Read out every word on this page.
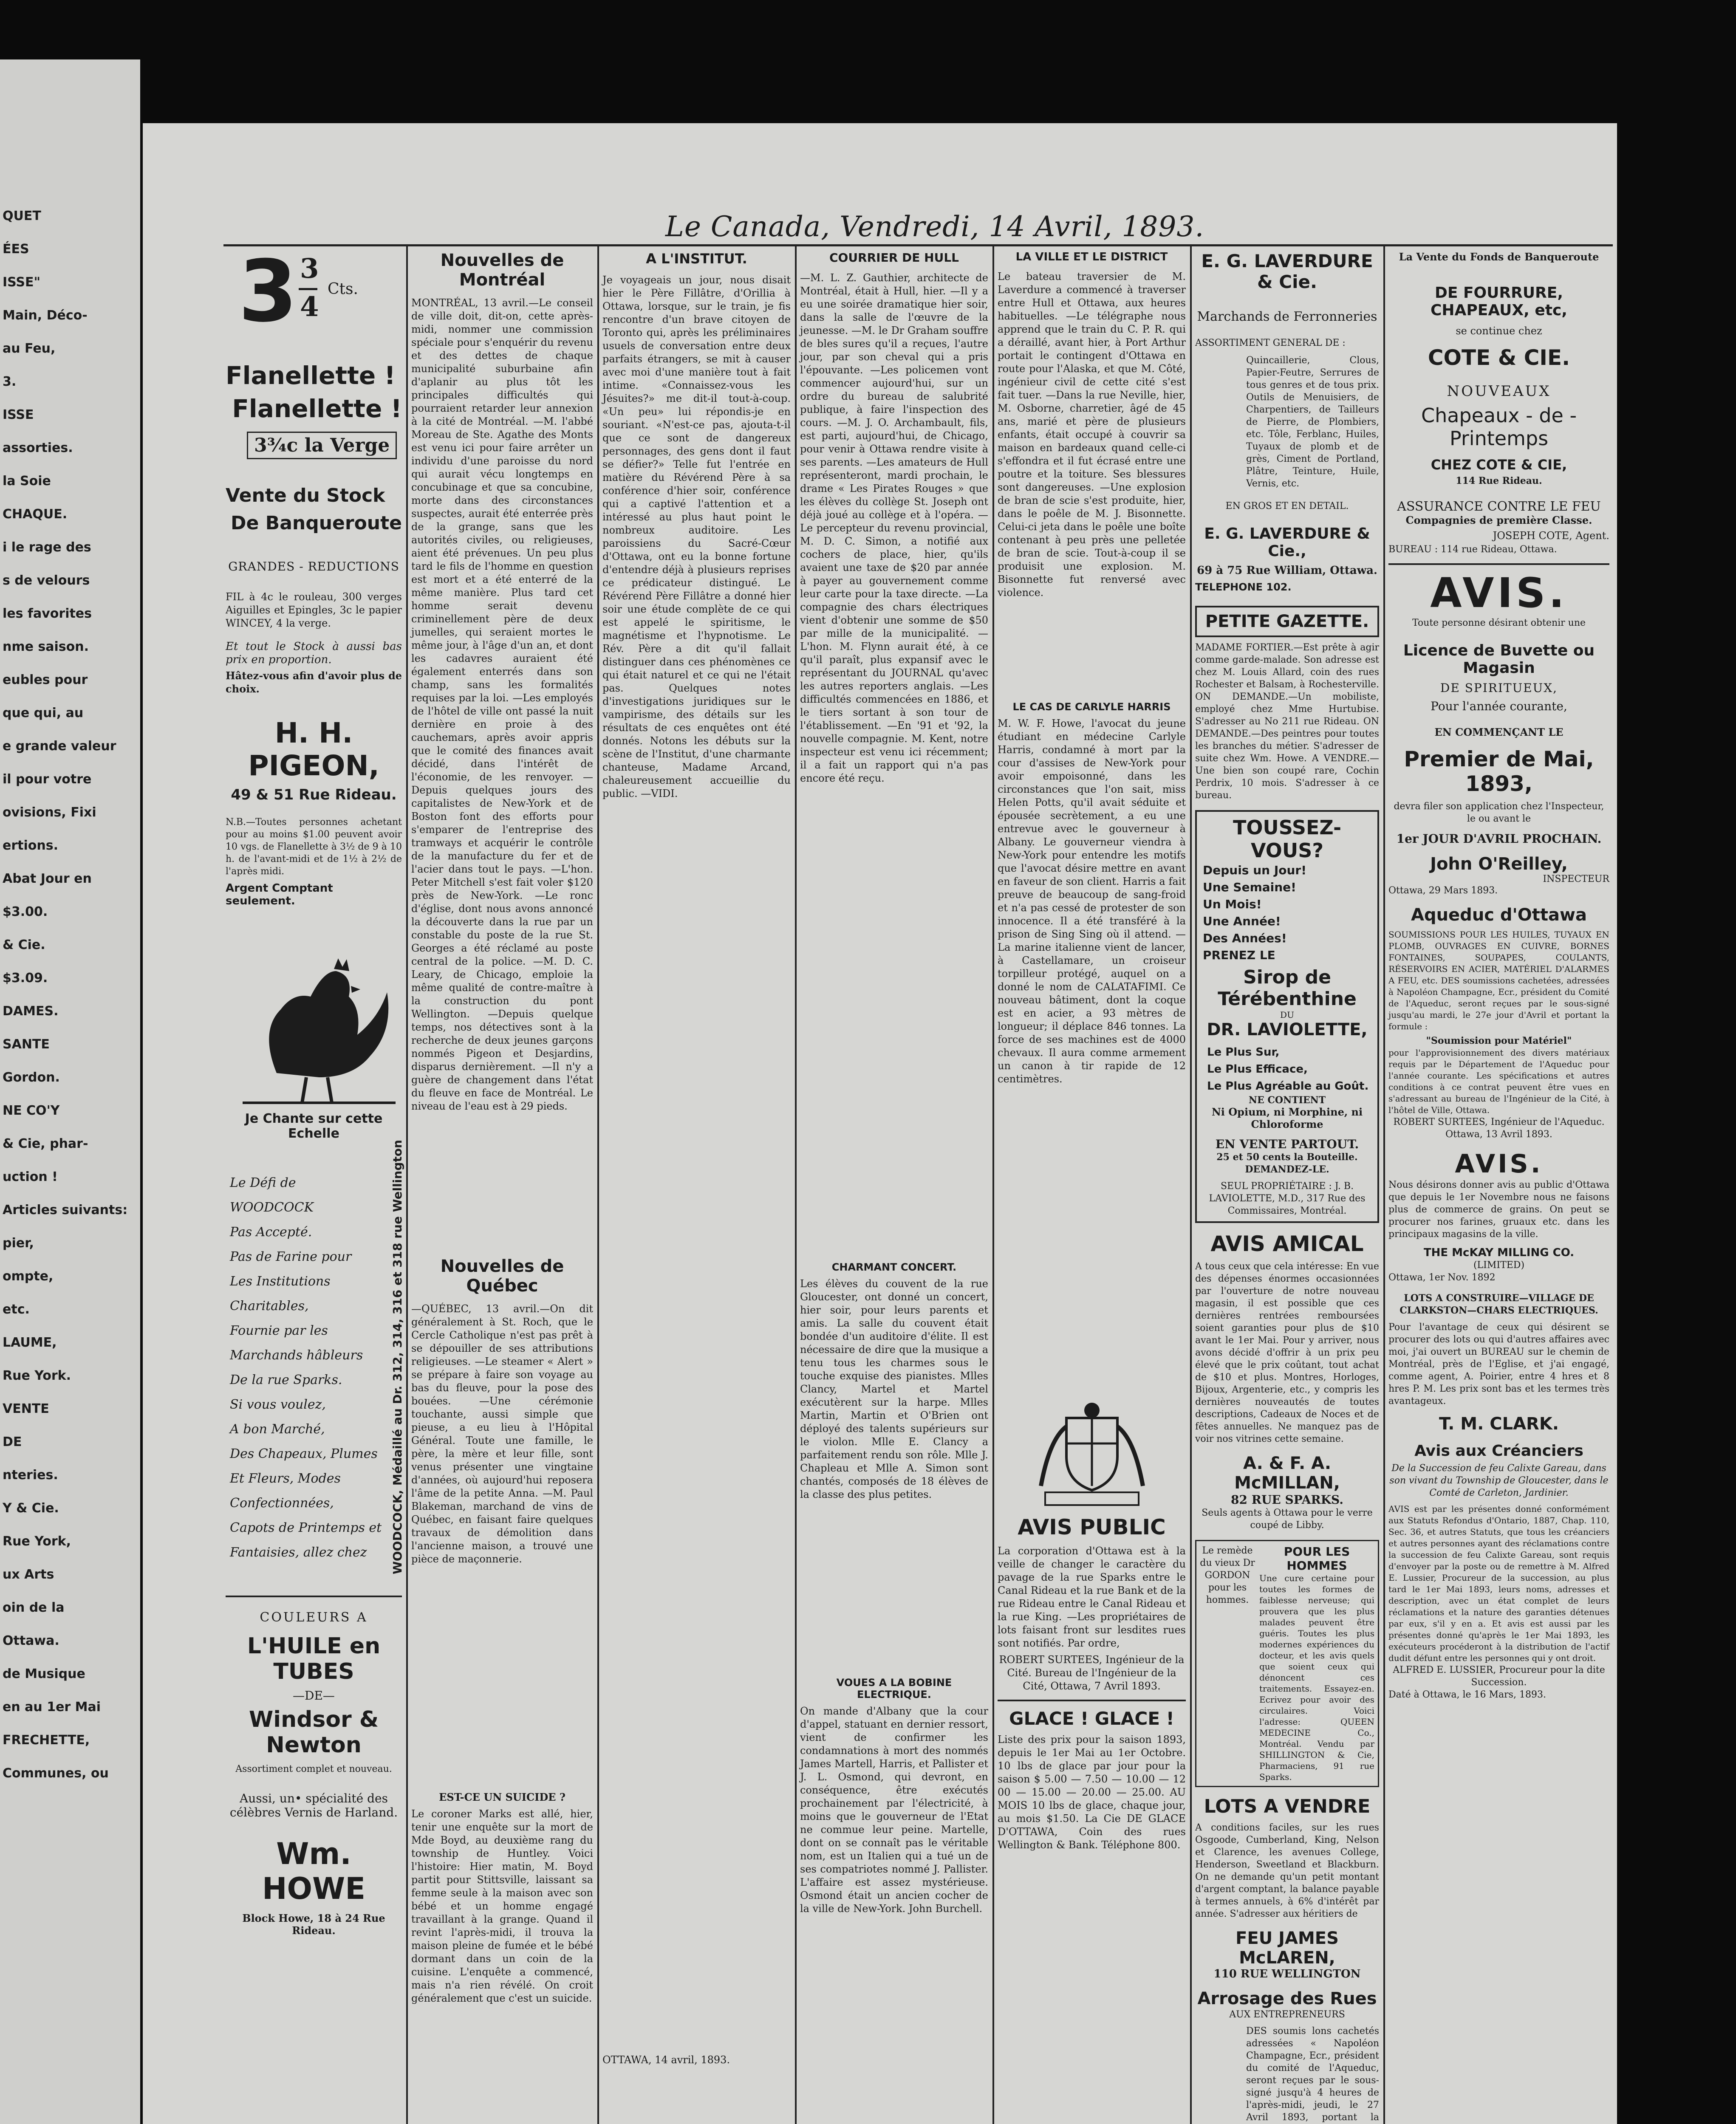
QUET
ÉES
ISSE"
Main, Déco-
au Feu,
3.
ISSE
assorties.
la Soie
CHAQUE.
i le rage des
s de velours
les favorites
nme saison.
eubles pour
que qui, au
e grande valeur
il pour votre
ovisions, Fixi
ertions.
Abat Jour en
$3.00.
& Cie.
$3.09.
DAMES.
SANTE
Gordon.
NE CO'Y
& Cie, phar-
uction !
Articles suivants:
pier,
ompte,
etc.
LAUME,
Rue York.
VENTE
DE
nteries.
Y & Cie.
Rue York,
ux Arts
oin de la
Ottawa.
de Musique
en au 1er Mai
FRECHETTE,
Communes, ou
Le Canada, Vendredi, 14 Avril, 1893.
3 3
4
Cts.
Flanellette !
Flanellette !
3¾c la Verge
Vente du Stock
De Banqueroute
GRANDES - REDUCTIONS
FIL à 4c le rouleau, 300 verges Aiguilles et Epingles, 3c le papier WINCEY, 4 la verge.
Et tout le Stock à aussi bas prix en proportion.
Hâtez-vous afin d'avoir plus de choix.
H. H. PIGEON,
49 & 51 Rue Rideau.
N.B.—Toutes personnes achetant pour au moins $1.00 peuvent avoir 10 vgs. de Flanellette à 3½ de 9 à 10 h. de l'avant-midi et de 1½ à 2½ de l'après midi.
Argent Comptant seulement.
Je Chante sur cette Echelle
WOODCOCK, Médaillé au Dr. 312, 314, 316 et 318 rue Wellington
Le Défi de
WOODCOCK
Pas Accepté.
Pas de Farine pour
Les Institutions
Charitables,
Fournie par les
Marchands hâbleurs
De la rue Sparks.
Si vous voulez,
A bon Marché,
Des Chapeaux, Plumes
Et Fleurs, Modes
Confectionnées,
Capots de Printemps et
Fantaisies, allez chez
COULEURS A
L'HUILE en TUBES
—DE—
Windsor & Newton
Assortiment complet et nouveau.
Aussi, un• spécialité des célèbres Vernis de Harland.
Wm. HOWE
Block Howe, 18 à 24 Rue Rideau.
Nouvelles de Montréal
MONTRÉAL, 13 avril.—Le conseil de ville doit, dit-on, cette après-midi, nommer une commission spéciale pour s'enquérir du revenu et des dettes de chaque municipalité suburbaine afin d'aplanir au plus tôt les principales difficultés qui pourraient retarder leur annexion à la cité de Montréal. —M. l'abbé Moreau de Ste. Agathe des Monts est venu ici pour faire arrêter un individu d'une paroisse du nord qui aurait vécu longtemps en concubinage et que sa concubine, morte dans des circonstances suspectes, aurait été enterrée près de la grange, sans que les autorités civiles, ou religieuses, aient été prévenues. Un peu plus tard le fils de l'homme en question est mort et a été enterré de la même manière. Plus tard cet homme serait devenu criminellement père de deux jumelles, qui seraient mortes le même jour, à l'âge d'un an, et dont les cadavres auraient été également enterrés dans son champ, sans les formalités requises par la loi. —Les employés de l'hôtel de ville ont passé la nuit dernière en proie à des cauchemars, après avoir appris que le comité des finances avait décidé, dans l'intérêt de l'économie, de les renvoyer. —Depuis quelques jours des capitalistes de New-York et de Boston font des efforts pour s'emparer de l'entreprise des tramways et acquérir le contrôle de la manufacture du fer et de l'acier dans tout le pays. —L'hon. Peter Mitchell s'est fait voler $120 près de New-York. —Le ronc d'église, dont nous avons annoncé la découverte dans la rue par un constable du poste de la rue St. Georges a été réclamé au poste central de la police. —M. D. C. Leary, de Chicago, emploie la même qualité de contre-maître à la construction du pont Wellington. —Depuis quelque temps, nos détectives sont à la recherche de deux jeunes garçons nommés Pigeon et Desjardins, disparus dernièrement. —Il n'y a guère de changement dans l'état du fleuve en face de Montréal. Le niveau de l'eau est à 29 pieds.
Nouvelles de Québec
—QUÉBEC, 13 avril.—On dit généralement à St. Roch, que le Cercle Catholique n'est pas prêt à se dépouiller de ses attributions religieuses. —Le steamer « Alert » se prépare à faire son voyage au bas du fleuve, pour la pose des bouées. —Une cérémonie touchante, aussi simple que pieuse, a eu lieu à l'Hôpital Général. Toute une famille, le père, la mère et leur fille, sont venus présenter une vingtaine d'années, où aujourd'hui reposera l'âme de la petite Anna. —M. Paul Blakeman, marchand de vins de Québec, en faisant faire quelques travaux de démolition dans l'ancienne maison, a trouvé une pièce de maçonnerie.
EST-CE UN SUICIDE ?
Le coroner Marks est allé, hier, tenir une enquête sur la mort de Mde Boyd, au deuxième rang du township de Huntley. Voici l'histoire: Hier matin, M. Boyd partit pour Stittsville, laissant sa femme seule à la maison avec son bébé et un homme engagé travaillant à la grange. Quand il revint l'après-midi, il trouva la maison pleine de fumée et le bébé dormant dans un coin de la cuisine. L'enquête a commencé, mais n'a rien révélé. On croit généralement que c'est un suicide.
A L'INSTITUT.
Je voyageais un jour, nous disait hier le Père Fillâtre, d'Orillia à Ottawa, lorsque, sur le train, je fis rencontre d'un brave citoyen de Toronto qui, après les préliminaires usuels de conversation entre deux parfaits étrangers, se mit à causer avec moi d'une manière tout à fait intime. «Connaissez-vous les Jésuites?» me dit-il tout-à-coup. «Un peu» lui répondis-je en souriant. «N'est-ce pas, ajouta-t-il que ce sont de dangereux personnages, des gens dont il faut se défier?» Telle fut l'entrée en matière du Révérend Père à sa conférence d'hier soir, conférence qui a captivé l'attention et a intéressé au plus haut point le nombreux auditoire. Les paroissiens du Sacré-Cœur d'Ottawa, ont eu la bonne fortune d'entendre déjà à plusieurs reprises ce prédicateur distingué. Le Révérend Père Fillâtre a donné hier soir une étude complète de ce qui est appelé le spiritisme, le magnétisme et l'hypnotisme. Le Rév. Père a dit qu'il fallait distinguer dans ces phénomènes ce qui était naturel et ce qui ne l'était pas. Quelques notes d'investigations juridiques sur le vampirisme, des détails sur les résultats de ces enquêtes ont été donnés. Notons les débuts sur la scène de l'Institut, d'une charmante chanteuse, Madame Arcand, chaleureusement accueillie du public. —VIDI.
OTTAWA, 14 avril, 1893.
COURRIER DE HULL
—M. L. Z. Gauthier, architecte de Montréal, était à Hull, hier. —Il y a eu une soirée dramatique hier soir, dans la salle de l'œuvre de la jeunesse. —M. le Dr Graham souffre de bles sures qu'il a reçues, l'autre jour, par son cheval qui a pris l'épouvante. —Les policemen vont commencer aujourd'hui, sur un ordre du bureau de salubrité publique, à faire l'inspection des cours. —M. J. O. Archambault, fils, est parti, aujourd'hui, de Chicago, pour venir à Ottawa rendre visite à ses parents. —Les amateurs de Hull représenteront, mardi prochain, le drame « Les Pirates Rouges » que les élèves du collège St. Joseph ont déjà joué au collège et à l'opéra. —Le percepteur du revenu provincial, M. D. C. Simon, a notifié aux cochers de place, hier, qu'ils avaient une taxe de $20 par année à payer au gouvernement comme leur carte pour la taxe directe. —La compagnie des chars électriques vient d'obtenir une somme de $50 par mille de la municipalité. —L'hon. M. Flynn aurait été, à ce qu'il paraît, plus expansif avec le représentant du JOURNAL qu'avec les autres reporters anglais. —Les difficultés commencées en 1886, et le tiers sortant à son tour de l'établissement. —En '91 et '92, la nouvelle compagnie. M. Kent, notre inspecteur est venu ici récemment; il a fait un rapport qui n'a pas encore été reçu.
CHARMANT CONCERT.
Les élèves du couvent de la rue Gloucester, ont donné un concert, hier soir, pour leurs parents et amis. La salle du couvent était bondée d'un auditoire d'élite. Il est nécessaire de dire que la musique a tenu tous les charmes sous le touche exquise des pianistes. Mlles Clancy, Martel et Martel exécutèrent sur la harpe. Mlles Martin, Martin et O'Brien ont déployé des talents supérieurs sur le violon. Mlle E. Clancy a parfaitement rendu son rôle. Mlle J. Chapleau et Mlle A. Simon sont chantés, composés de 18 élèves de la classe des plus petites.
VOUES A LA BOBINE ELECTRIQUE.
On mande d'Albany que la cour d'appel, statuant en dernier ressort, vient de confirmer les condamnations à mort des nommés James Martell, Harris, et Pallister et J. L. Osmond, qui devront, en conséquence, être exécutés prochainement par l'électricité, à moins que le gouverneur de l'Etat ne commue leur peine. Martelle, dont on se connaît pas le véritable nom, est un Italien qui a tué un de ses compatriotes nommé J. Pallister. L'affaire est assez mystérieuse. Osmond était un ancien cocher de la ville de New-York. John Burchell.
LA VILLE ET LE DISTRICT
Le bateau traversier de M. Laverdure a commencé à traverser entre Hull et Ottawa, aux heures habituelles. —Le télégraphe nous apprend que le train du C. P. R. qui a déraillé, avant hier, à Port Arthur portait le contingent d'Ottawa en route pour l'Alaska, et que M. Côté, ingénieur civil de cette cité s'est fait tuer. —Dans la rue Neville, hier, M. Osborne, charretier, âgé de 45 ans, marié et père de plusieurs enfants, était occupé à couvrir sa maison en bardeaux quand celle-ci s'effondra et il fut écrasé entre une poutre et la toiture. Ses blessures sont dangereuses. —Une explosion de bran de scie s'est produite, hier, dans le poêle de M. J. Bisonnette. Celui-ci jeta dans le poêle une boîte contenant à peu près une pelletée de bran de scie. Tout-à-coup il se produisit une explosion. M. Bisonnette fut renversé avec violence.
LE CAS DE CARLYLE HARRIS
M. W. F. Howe, l'avocat du jeune étudiant en médecine Carlyle Harris, condamné à mort par la cour d'assises de New-York pour avoir empoisonné, dans les circonstances que l'on sait, miss Helen Potts, qu'il avait séduite et épousée secrètement, a eu une entrevue avec le gouverneur à Albany. Le gouverneur viendra à New-York pour entendre les motifs que l'avocat désire mettre en avant en faveur de son client. Harris a fait preuve de beaucoup de sang-froid et n'a pas cessé de protester de son innocence. Il a été transféré à la prison de Sing Sing où il attend. —La marine italienne vient de lancer, à Castellamare, un croiseur torpilleur protégé, auquel on a donné le nom de CALATAFIMI. Ce nouveau bâtiment, dont la coque est en acier, a 93 mètres de longueur; il déplace 846 tonnes. La force de ses machines est de 4000 chevaux. Il aura comme armement un canon à tir rapide de 12 centimètres.
AVIS PUBLIC
La corporation d'Ottawa est à la veille de changer le caractère du pavage de la rue Sparks entre le Canal Rideau et la rue Bank et de la rue Rideau entre le Canal Rideau et la rue King. —Les propriétaires de lots faisant front sur lesdites rues sont notifiés. Par ordre,
ROBERT SURTEES, Ingénieur de la Cité. Bureau de l'Ingénieur de la Cité, Ottawa, 7 Avril 1893.
GLACE ! GLACE !
Liste des prix pour la saison 1893, depuis le 1er Mai au 1er Octobre. 10 lbs de glace par jour pour la saison $ 5.00 — 7.50 — 10.00 — 12 00 — 15.00 — 20.00 — 25.00. AU MOIS 10 lbs de glace, chaque jour, au mois $1.50. La Cie DE GLACE D'OTTAWA, Coin des rues Wellington & Bank. Téléphone 800.
E. G. LAVERDURE & Cie.
Marchands de Ferronneries
ASSORTIMENT GENERAL DE :
Quincaillerie, Clous, Papier-Feutre, Serrures de tous genres et de tous prix. Outils de Menuisiers, de Charpentiers, de Tailleurs de Pierre, de Plombiers, etc. Tôle, Ferblanc, Huiles, Tuyaux de plomb et de grès, Ciment de Portland, Plâtre, Teinture, Huile, Vernis, etc.
EN GROS ET EN DETAIL.
E. G. LAVERDURE & Cie.,
69 à 75 Rue William, Ottawa.
TELEPHONE 102.
PETITE GAZETTE.
MADAME FORTIER.—Est prête à agir comme garde-malade. Son adresse est chez M. Louis Allard, coin des rues Rochester et Balsam, à Rochesterville. ON DEMANDE.—Un mobiliste, employé chez Mme Hurtubise. S'adresser au No 211 rue Rideau. ON DEMANDE.—Des peintres pour toutes les branches du métier. S'adresser de suite chez Wm. Howe. A VENDRE.—Une bien son coupé rare, Cochin Perdrix, 10 mois. S'adresser à ce bureau.
TOUSSEZ-VOUS?
Depuis un Jour!
Une Semaine!
Un Mois!
Une Année!
Des Années!
PRENEZ LE
Sirop de Térébenthine
DU
DR. LAVIOLETTE,
Le Plus Sur,
Le Plus Efficace,
Le Plus Agréable au Goût.
NE CONTIENT
Ni Opium, ni Morphine, ni Chloroforme
EN VENTE PARTOUT.
25 et 50 cents la Bouteille. DEMANDEZ-LE.
SEUL PROPRIÉTAIRE : J. B. LAVIOLETTE, M.D., 317 Rue des Commissaires, Montréal.
AVIS AMICAL
A tous ceux que cela intéresse: En vue des dépenses énormes occasionnées par l'ouverture de notre nouveau magasin, il est possible que ces dernières rentrées remboursées soient garanties pour plus de $10 avant le 1er Mai. Pour y arriver, nous avons décidé d'offrir à un prix peu élevé que le prix coûtant, tout achat de $10 et plus. Montres, Horloges, Bijoux, Argenterie, etc., y compris les dernières nouveautés de toutes descriptions, Cadeaux de Noces et de fêtes annuelles. Ne manquez pas de voir nos vitrines cette semaine.
A. & F. A. McMILLAN,
82 RUE SPARKS.
Seuls agents à Ottawa pour le verre coupé de Libby.
Le remède du vieux Dr GORDON pour les hommes.
POUR LES HOMMES
Une cure certaine pour toutes les formes de faiblesse nerveuse; qui prouvera que les plus malades peuvent être guéris. Toutes les plus modernes expériences du docteur, et les avis quels que soient ceux qui dénoncent ces traitements. Essayez-en. Ecrivez pour avoir des circulaires. Voici l'adresse: QUEEN MEDECINE Co., Montréal. Vendu par SHILLINGTON & Cie, Pharmaciens, 91 rue Sparks.
LOTS A VENDRE
A conditions faciles, sur les rues Osgoode, Cumberland, King, Nelson et Clarence, les avenues College, Henderson, Sweetland et Blackburn. On ne demande qu'un petit montant d'argent comptant, la balance payable à termes annuels, à 6% d'intérêt par année. S'adresser aux héritiers de
FEU JAMES McLAREN,
110 RUE WELLINGTON
Arrosage des Rues
AUX ENTREPRENEURS
DES soumis lons cachetés adressées « Napoléon Champagne, Ecr., président du comité de l'Aqueduc, seront reçues par le sous-signé jusqu'à 4 heures de l'après-midi, jeudi, le 27 Avril 1893, portant la
La Vente du Fonds de Banqueroute
DE FOURRURE, CHAPEAUX, etc,
se continue chez
COTE & CIE.
NOUVEAUX
Chapeaux - de - Printemps
CHEZ COTE & CIE,
114 Rue Rideau.
ASSURANCE CONTRE LE FEU
Compagnies de première Classe.
JOSEPH COTE, Agent.
BUREAU : 114 rue Rideau, Ottawa.
AVIS.
Toute personne désirant obtenir une
Licence de Buvette ou Magasin
DE SPIRITUEUX,
Pour l'année courante,
EN COMMENÇANT LE
Premier de Mai, 1893,
devra filer son application chez l'Inspecteur, le ou avant le
1er JOUR D'AVRIL PROCHAIN.
John O'Reilley,
INSPECTEUR
Ottawa, 29 Mars 1893.
Aqueduc d'Ottawa
SOUMISSIONS POUR LES HUILES, TUYAUX EN PLOMB, OUVRAGES EN CUIVRE, BORNES FONTAINES, SOUPAPES, COULANTS, RÉSERVOIRS EN ACIER, MATÉRIEL D'ALARMES A FEU, etc. DES soumissions cachetées, adressées à Napoléon Champagne, Ecr., président du Comité de l'Aqueduc, seront reçues par le sous-signé jusqu'au mardi, le 27e jour d'Avril et portant la formule :
"Soumission pour Matériel"
pour l'approvisionnement des divers matériaux requis par le Département de l'Aqueduc pour l'année courante. Les spécifications et autres conditions à ce contrat peuvent être vues en s'adressant au bureau de l'Ingénieur de la Cité, à l'hôtel de Ville, Ottawa.
ROBERT SURTEES, Ingénieur de l'Aqueduc. Ottawa, 13 Avril 1893.
AVIS.
Nous désirons donner avis au public d'Ottawa que depuis le 1er Novembre nous ne faisons plus de commerce de grains. On peut se procurer nos farines, gruaux etc. dans les principaux magasins de la ville.
THE McKAY MILLING CO.
(LIMITED)
Ottawa, 1er Nov. 1892
LOTS A CONSTRUIRE—VILLAGE DE CLARKSTON—CHARS ELECTRIQUES.
Pour l'avantage de ceux qui désirent se procurer des lots ou qui d'autres affaires avec moi, j'ai ouvert un BUREAU sur le chemin de Montréal, près de l'Eglise, et j'ai engagé, comme agent, A. Poirier, entre 4 hres et 8 hres P. M. Les prix sont bas et les termes très avantageux.
T. M. CLARK.
Avis aux Créanciers
De la Succession de feu Calixte Gareau, dans son vivant du Township de Gloucester, dans le Comté de Carleton, Jardinier.
AVIS est par les présentes donné conformément aux Statuts Refondus d'Ontario, 1887, Chap. 110, Sec. 36, et autres Statuts, que tous les créanciers et autres personnes ayant des réclamations contre la succession de feu Calixte Gareau, sont requis d'envoyer par la poste ou de remettre à M. Alfred E. Lussier, Procureur de la succession, au plus tard le 1er Mai 1893, leurs noms, adresses et description, avec un état complet de leurs réclamations et la nature des garanties détenues par eux, s'il y en a. Et avis est aussi par les présentes donné qu'après le 1er Mai 1893, les exécuteurs procéderont à la distribution de l'actif dudit défunt entre les personnes qui y ont droit.
ALFRED E. LUSSIER, Procureur pour la dite Succession.
Daté à Ottawa, le 16 Mars, 1893.
